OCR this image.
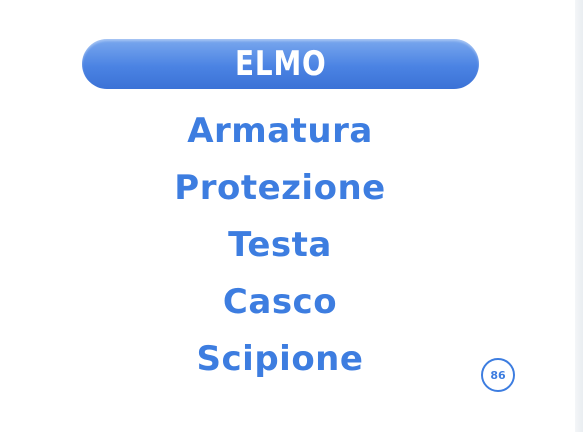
ELMO
Armatura
Protezione
Testa
Casco
Scipione	86
